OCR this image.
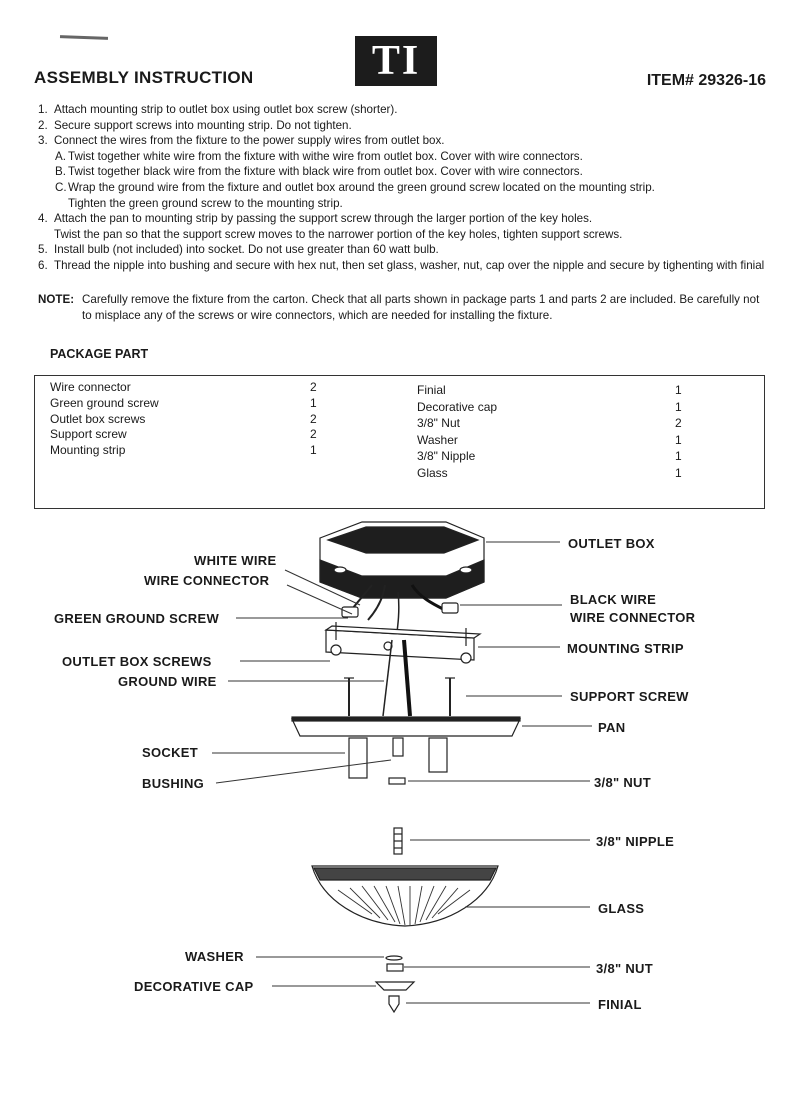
TI
ASSEMBLY INSTRUCTION	ITEM# 29326-16
1. Attach mounting strip to outlet box using outlet box screw (shorter).
2. Secure support screws into mounting strip. Do not tighten.
3. Connect the wires from the fixture to the power supply wires from outlet box.
A. Twist together white wire from the fixture with withe wire from outlet box. Cover with wire connectors.
B. Twist together black wire from the fixture with black wire from outlet box. Cover with wire connectors.
C. Wrap the ground wire from the fixture and outlet box around the green ground screw located on the mounting strip.
Tighten the green ground screw to the mounting strip.
4. Attach the pan to mounting strip by passing the support screw through the larger portion of the key holes.
Twist the pan so that the support screw moves to the narrower portion of the key holes, tighten support screws.
5. Install bulb (not included) into socket. Do not use greater than 60 watt bulb.
6. Thread the nipple into bushing and secure with hex nut, then set glass, washer, nut, cap over the nipple and secure by tighenting with finial
NOTE: Carefully remove the fixture from the carton. Check that all parts shown in package parts 1 and parts 2 are included. Be carefully not to misplace any of the screws or wire connectors, which are needed for installing the fixture.
PACKAGE PART
Wire connector	2
Green ground screw	1
Outlet box screws	2
Support screw	2
Mounting strip	1
Finial	1
Decorative cap	1
3/8" Nut	2
Washer	1
3/8" Nipple	1
Glass	1
WHITE WIRE
WIRE CONNECTOR
GREEN GROUND SCREW
OUTLET BOX SCREWS
GROUND WIRE
SOCKET
BUSHING
WASHER
DECORATIVE CAP
OUTLET BOX
BLACK WIRE
WIRE CONNECTOR
MOUNTING STRIP
SUPPORT SCREW
PAN
3/8" NUT
3/8" NIPPLE
GLASS
3/8" NUT
FINIAL
